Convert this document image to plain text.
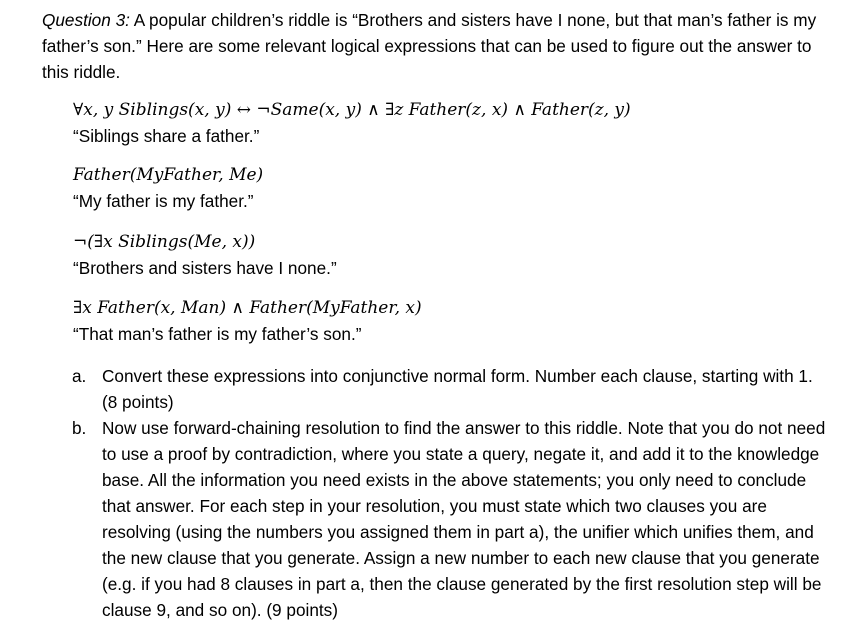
Question 3: A popular children’s riddle is “Brothers and sisters have I none, but that man’s father is my father’s son.” Here are some relevant logical expressions that can be used to figure out the answer to this riddle.
∀x, y Siblings(x, y) ↔ ¬Same(x, y) ∧ ∃z Father(z, x) ∧ Father(z, y)
“Siblings share a father.”
Father(MyFather, Me)
“My father is my father.”
¬(∃x Siblings(Me, x))
“Brothers and sisters have I none.”
∃x Father(x, Man) ∧ Father(MyFather, x)
“That man’s father is my father’s son.”
a. Convert these expressions into conjunctive normal form. Number each clause, starting with 1. (8 points)
b. Now use forward-chaining resolution to find the answer to this riddle. Note that you do not need to use a proof by contradiction, where you state a query, negate it, and add it to the knowledge base. All the information you need exists in the above statements; you only need to conclude that answer. For each step in your resolution, you must state which two clauses you are resolving (using the numbers you assigned them in part a), the unifier which unifies them, and the new clause that you generate. Assign a new number to each new clause that you generate (e.g. if you had 8 clauses in part a, then the clause generated by the first resolution step will be clause 9, and so on). (9 points)
